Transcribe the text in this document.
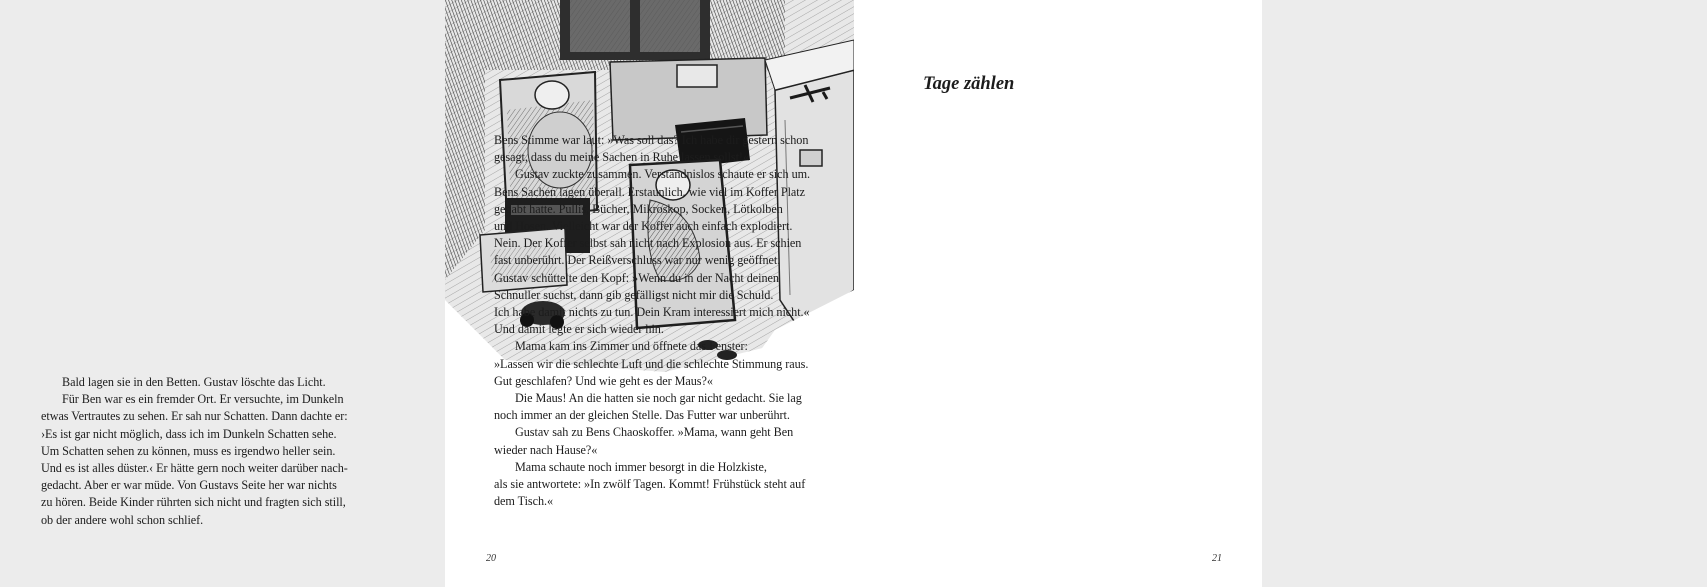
Bald lagen sie in den Betten. Gustav löschte das Licht.

Für Ben war es ein fremder Ort. Er versuchte, im Dunkeln

etwas Vertrautes zu sehen. Er sah nur Schatten. Dann dachte er:

›Es ist gar nicht möglich, dass ich im Dunkeln Schatten sehe.

Um Schatten sehen zu können, muss es irgendwo heller sein.

Und es ist alles düster.‹ Er hätte gern noch weiter darüber nach-

gedacht. Aber er war müde. Von Gustavs Seite her war nichts

zu hören. Beide Kinder rührten sich nicht und fragten sich still,

ob der andere wohl schon schlief.

Tage zählen

Bens Stimme war laut: »Was soll das? Ich habe dir gestern schon

gesagt, dass du meine Sachen in Ruhe lassen sollst!«

Gustav zuckte zusammen. Verständnislos schaute er sich um.

Bens Sachen lagen überall. Erstaunlich, wie viel im Koffer Platz

gehabt hatte. Pullis, Bücher, Mikroskop, Socken, Lötkolben

und Hosen. Vielleicht war der Koffer auch einfach explodiert.

Nein. Der Koffer selbst sah nicht nach Explosion aus. Er schien

fast unberührt. Der Reißverschluss war nur wenig geöffnet.

Gustav schüttelte den Kopf: »Wenn du in der Nacht deinen

Schnuller suchst, dann gib gefälligst nicht mir die Schuld.

Ich habe damit nichts zu tun. Dein Kram interessiert mich nicht.«

Und damit legte er sich wieder hin.

Mama kam ins Zimmer und öffnete das Fenster:

»Lassen wir die schlechte Luft und die schlechte Stimmung raus.

Gut geschlafen? Und wie geht es der Maus?«

Die Maus! An die hatten sie noch gar nicht gedacht. Sie lag

noch immer an der gleichen Stelle. Das Futter war unberührt.

Gustav sah zu Bens Chaoskoffer. »Mama, wann geht Ben

wieder nach Hause?«

Mama schaute noch immer besorgt in die Holzkiste,

als sie antwortete: »In zwölf Tagen. Kommt! Frühstück steht auf

dem Tisch.«

20	21
